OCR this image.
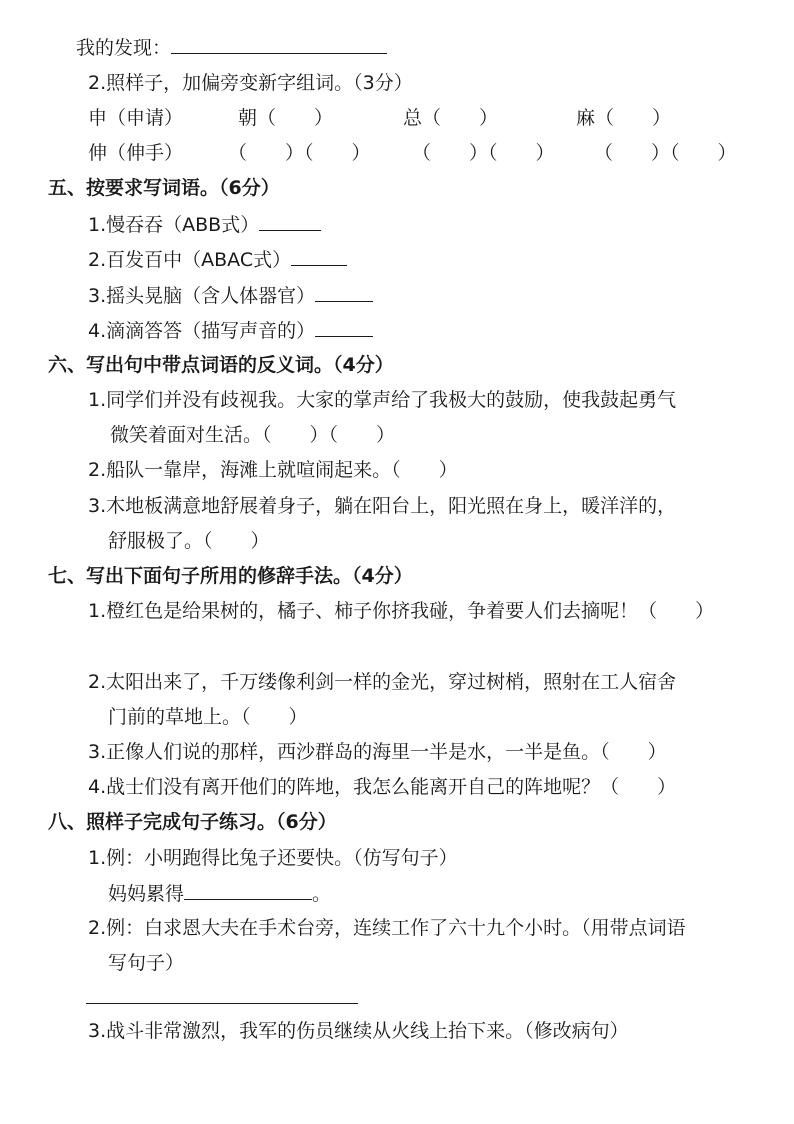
我的发现：
2.照样子，加偏旁变新字组词。（3分）
申（申请）	朝（　　）	总（　　）	麻（　　）
伸（伸手） （　　）（　　） （　　）（　　） （　　）（　　）
五、按要求写词语。（6分）
1.慢吞吞（ABB式）
2.百发百中（ABAC式）
3.摇头晃脑（含人体器官）
4.滴滴答答（描写声音的）
六、写出句中带点词语的反义词。（4分）
1.同学们并没有歧视我。大家的掌声给了我极大的鼓励，使我鼓起勇气
微笑着面对生活。（　　）（　　）
2.船队一靠岸，海滩上就喧闹起来。（　　）
3.木地板满意地舒展着身子，躺在阳台上，阳光照在身上，暖洋洋的，
舒服极了。（　　）
七、写出下面句子所用的修辞手法。（4分）
1.橙红色是给果树的，橘子、柿子你挤我碰，争着要人们去摘呢！（　　）
2.太阳出来了，千万缕像利剑一样的金光，穿过树梢，照射在工人宿舍
门前的草地上。（　　）
3.正像人们说的那样，西沙群岛的海里一半是水，一半是鱼。（　　）
4.战士们没有离开他们的阵地，我怎么能离开自己的阵地呢？（　　）
八、照样子完成句子练习。（6分）
1.例：小明跑得比兔子还要快。（仿写句子）
妈妈累得	。
2.例：白求恩大夫在手术台旁，连续工作了六十九个小时。（用带点词语
写句子）
3.战斗非常激烈，我军的伤员继续从火线上抬下来。（修改病句）
